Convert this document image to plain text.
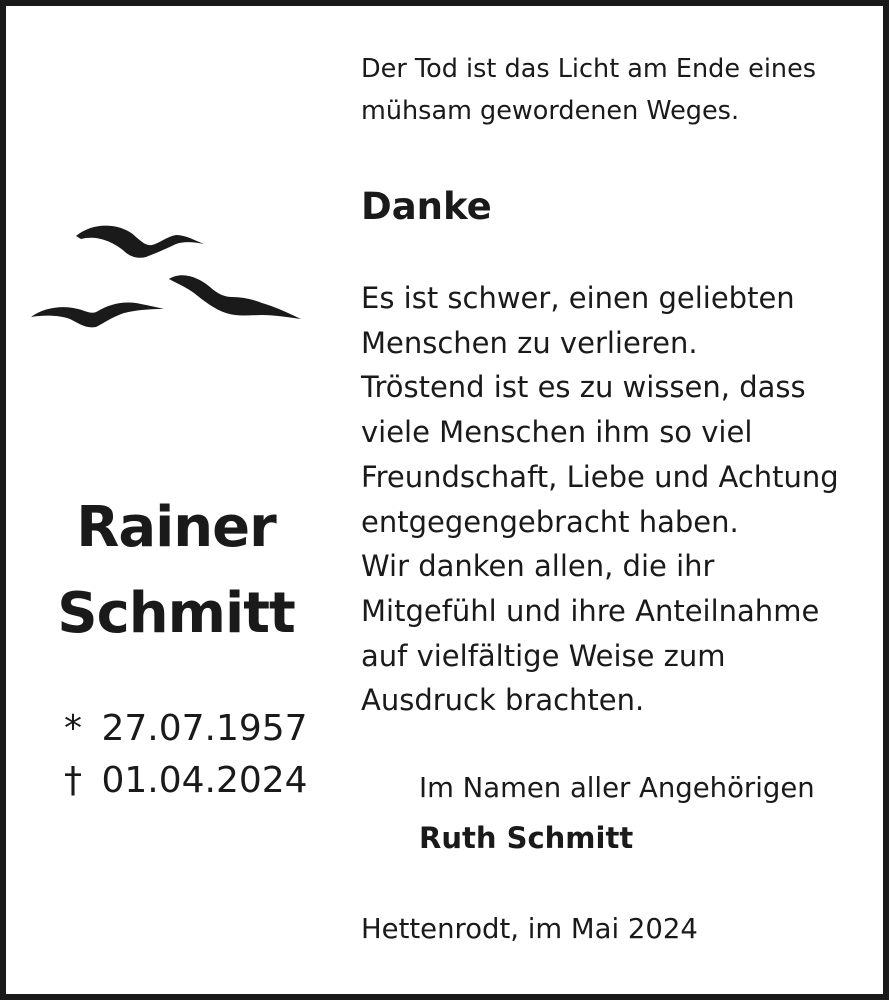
Rainer
Schmitt
* 27.07.1957
† 01.04.2024
Der Tod ist das Licht am Ende eines
mühsam gewordenen Weges.
Danke
Es ist schwer, einen geliebten
Menschen zu verlieren.
Tröstend ist es zu wissen, dass
viele Menschen ihm so viel
Freundschaft, Liebe und Achtung
entgegengebracht haben.
Wir danken allen, die ihr
Mitgefühl und ihre Anteilnahme
auf vielfältige Weise zum
Ausdruck brachten.
Im Namen aller Angehörigen
Ruth Schmitt
Hettenrodt, im Mai 2024
